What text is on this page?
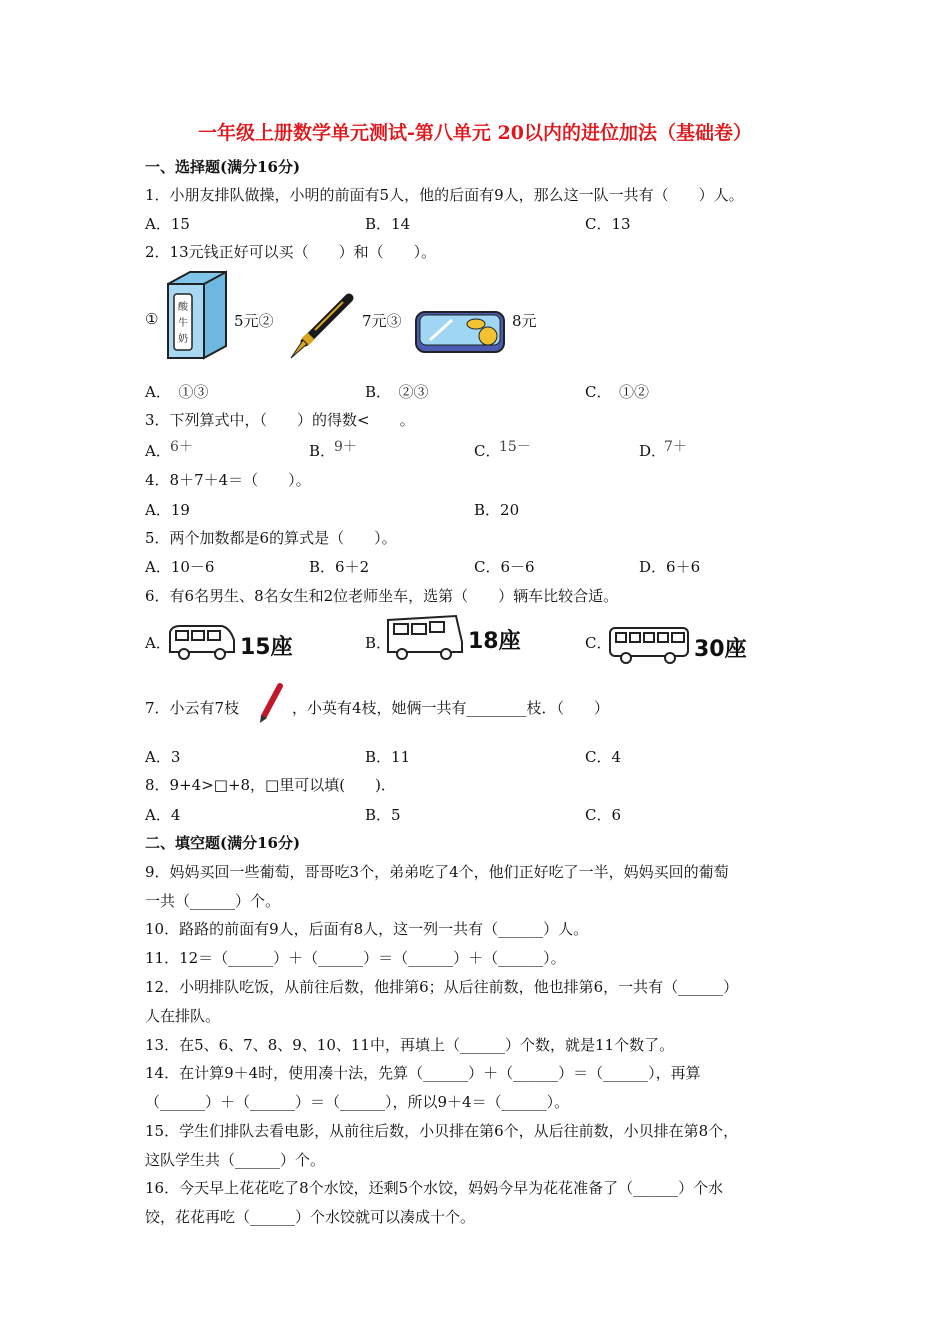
一年级上册数学单元测试-第八单元 20以内的进位加法（基础卷）
一、选择题(满分16分)
1．小朋友排队做操，小明的前面有5人，他的后面有9人，那么这一队一共有（　　）人。
A．15	B．14	C．13
2．13元钱正好可以买（　　）和（　　）。
①
酸
牛
奶
5元②	7元③	8元
A．　①③	B．　②③	C．　①②
3．下列算式中，（　　）的得数<　　。
A． 6＋	B．
9＋	C．
15－	D．
7＋
4．8＋7＋4＝（　　）。
A．19	B．20
5．两个加数都是6的算式是（　　）。
A．10－6	B．6＋2	C．6－6	D．6＋6
6．有6名男生、8名女生和2位老师坐车，选第（　　）辆车比较合适。
A．	15座	B．	18座	C．	30座
7．小云有7枝	，小英有4枝，她俩一共有________枝．（　　）
A．3	B．11	C．4
8．9+4>□+8，□里可以填(　　)．
A．4	B．5	C．6
二、填空题(满分16分)
9．妈妈买回一些葡萄，哥哥吃3个，弟弟吃了4个，他们正好吃了一半，妈妈买回的葡萄
一共（______）个。
10．路路的前面有9人，后面有8人，这一列一共有（______）人。
11．12＝（______）＋（______）＝（______）＋（______）。
12．小明排队吃饭，从前往后数，他排第6；从后往前数，他也排第6，一共有（______）
人在排队。
13．在5、6、7、8、9、10、11中，再填上（______）个数，就是11个数了。
14．在计算9＋4时，使用凑十法，先算（______）＋（______）＝（______），再算
（______）＋（______）＝（______），所以9＋4＝（______）。
15．学生们排队去看电影，从前往后数，小贝排在第6个，从后往前数，小贝排在第8个，
这队学生共（______）个。
16．今天早上花花吃了8个水饺，还剩5个水饺，妈妈今早为花花准备了（______）个水
饺，花花再吃（______）个水饺就可以凑成十个。
